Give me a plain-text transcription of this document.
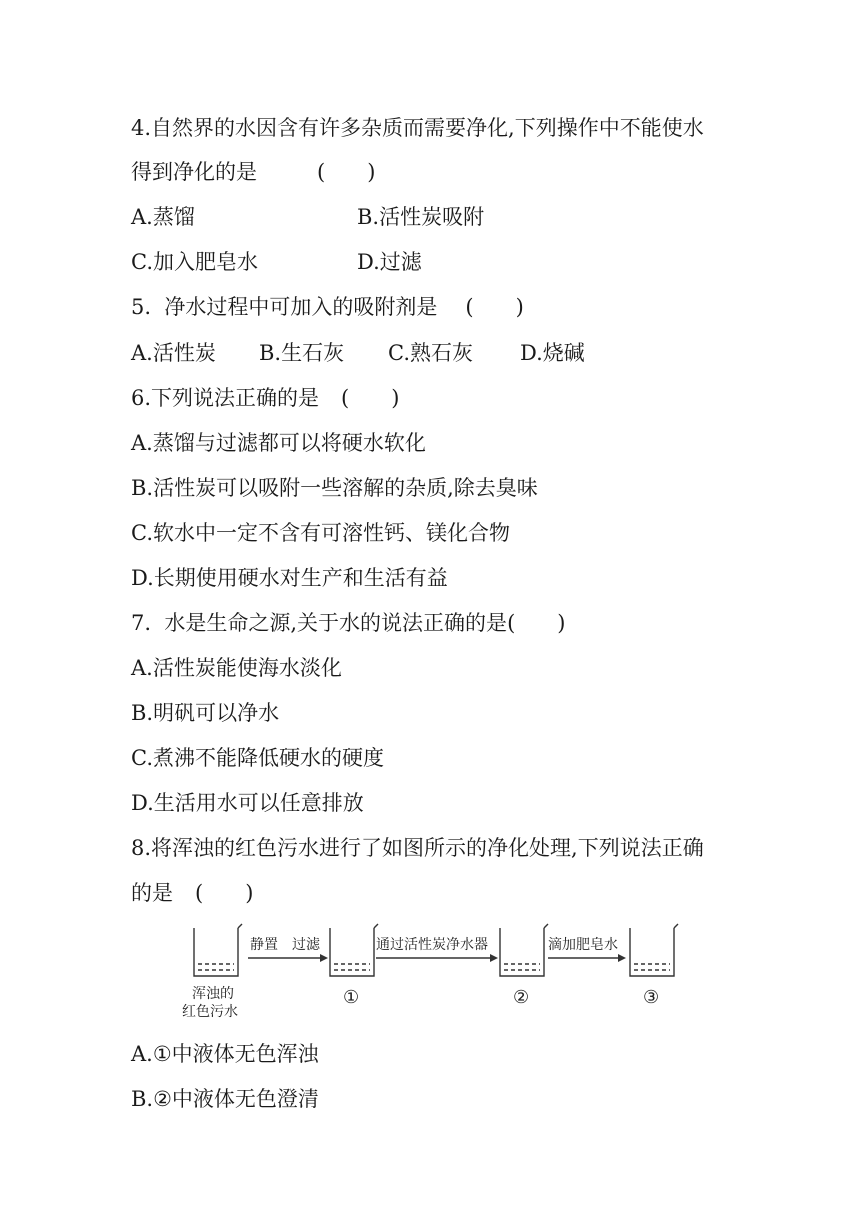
4.自然界的水因含有许多杂质而需要净化,下列操作中不能使水
得到净化的是	(　　)
A.蒸馏	B.活性炭吸附
C.加入肥皂水	D.过滤
5.  净水过程中可加入的吸附剂是 (　　)
A.活性炭 B.生石灰 C.熟石灰 D.烧碱
6.下列说法正确的是 (　　)
A.蒸馏与过滤都可以将硬水软化
B.活性炭可以吸附一些溶解的杂质,除去臭味
C.软水中一定不含有可溶性钙、镁化合物
D.长期使用硬水对生产和生活有益
7.  水是生命之源,关于水的说法正确的是(　　)
A.活性炭能使海水淡化
B.明矾可以净水
C.煮沸不能降低硬水的硬度
D.生活用水可以任意排放
8.将浑浊的红色污水进行了如图所示的净化处理,下列说法正确
的是 (　　)
浑浊的
红色污水
静置　过滤
①
通过活性炭净水器
②
滴加肥皂水
③
A.①中液体无色浑浊
B.②中液体无色澄清
